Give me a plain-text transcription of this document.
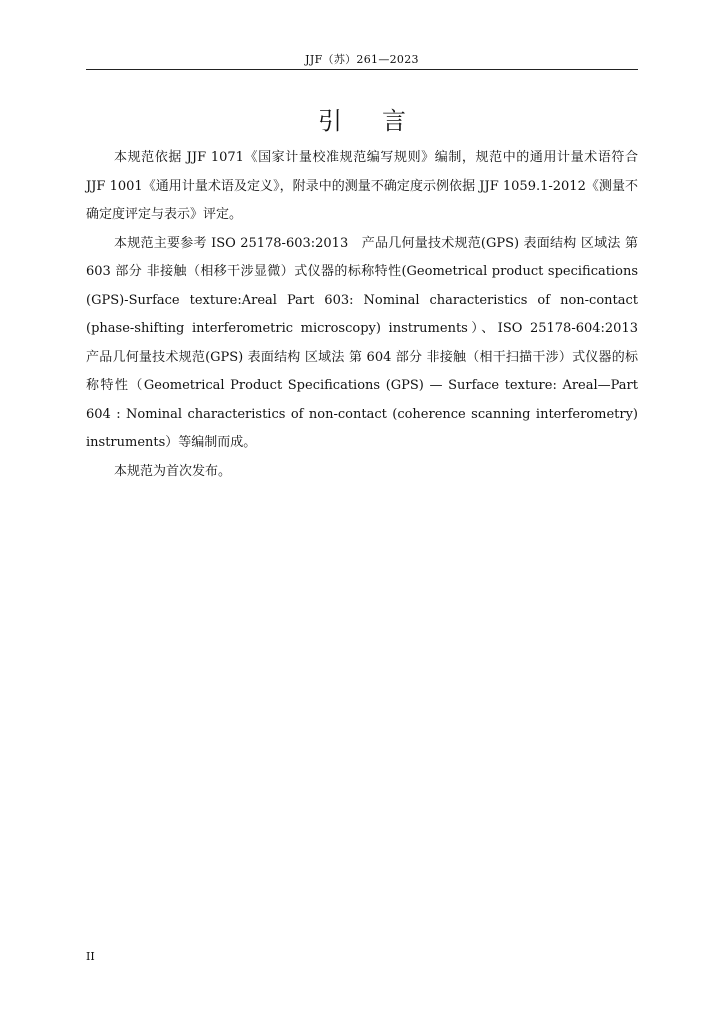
JJF（苏）261—2023
引言

本规范依据 JJF 1071《国家计量校准规范编写规则》编制，规范中的通用计量术语符合 JJF 1001《通用计量术语及定义》，附录中的测量不确定度示例依据 JJF 1059.1-2012《测量不确定度评定与表示》评定。

本规范主要参考 ISO 25178-603:2013　产品几何量技术规范(GPS) 表面结构 区域法 第 603 部分 非接触（相移干涉显微）式仪器的标称特性(Geometrical product specifications (GPS)-Surface texture:Areal Part 603: Nominal characteristics of non-contact (phase-shifting interferometric microscopy) instruments）、ISO 25178-604:2013　产品几何量技术规范(GPS) 表面结构 区域法 第 604 部分 非接触（相干扫描干涉）式仪器的标称特性（Geometrical Product Specifications (GPS) — Surface texture: Areal—Part 604 : Nominal characteristics of non-contact (coherence scanning interferometry) instruments）等编制而成。

本规范为首次发布。

II
